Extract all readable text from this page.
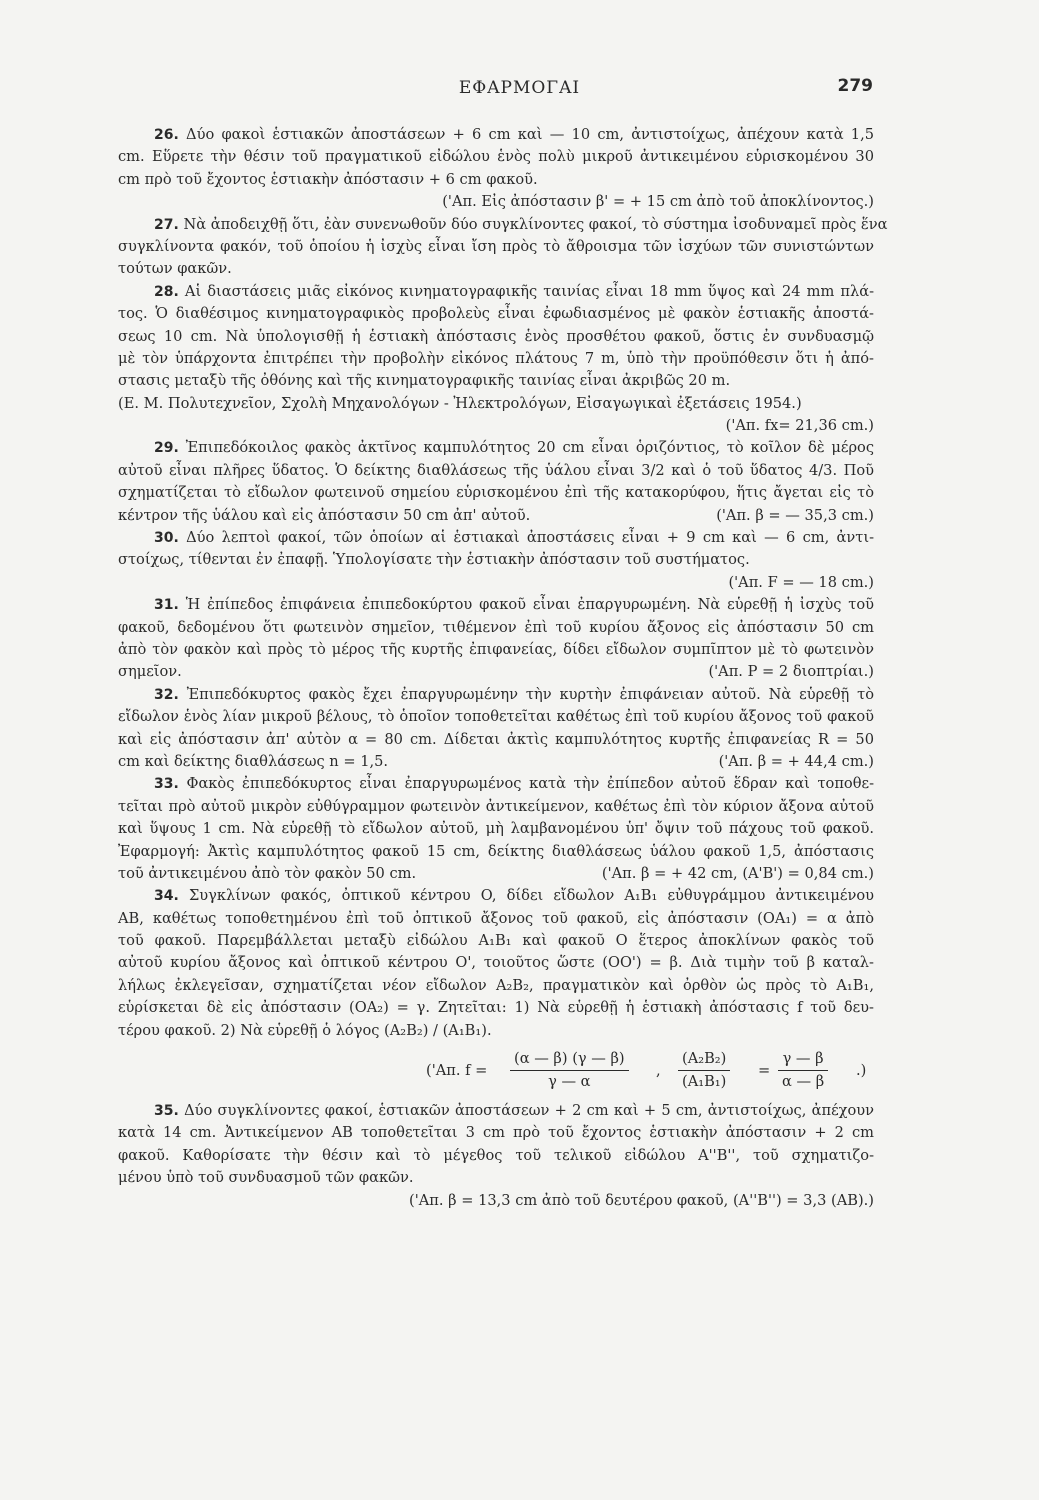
ΕΦΑΡΜΟΓΑΙ	279
26. Δύο φακοὶ ἑστιακῶν ἀποστάσεων + 6 cm καὶ — 10 cm, ἀντιστοίχως, ἀπέχουν κατὰ 1,5
cm. Εὕρετε τὴν θέσιν τοῦ πραγματικοῦ εἰδώλου ἑνὸς πολὺ μικροῦ ἀντικειμένου εὑρισκομένου 30
cm πρὸ τοῦ ἔχοντος ἑστιακὴν ἀπόστασιν + 6 cm φακοῦ.
('Απ. Εἰς ἀπόστασιν β' = + 15 cm ἀπὸ τοῦ ἀποκλίνοντος.)
27. Νὰ ἀποδειχθῇ ὅτι, ἐὰν συνενωθοῦν δύο συγκλίνοντες φακοί, τὸ σύστημα ἰσοδυναμεῖ πρὸς ἕνα
συγκλίνοντα φακόν, τοῦ ὁποίου ἡ ἰσχὺς εἶναι ἴση πρὸς τὸ ἄθροισμα τῶν ἰσχύων τῶν συνιστώντων
τούτων φακῶν.
28. Αἱ διαστάσεις μιᾶς εἰκόνος κινηματογραφικῆς ταινίας εἶναι 18 mm ὕψος καὶ 24 mm πλά-
τος. Ὁ διαθέσιμος κινηματογραφικὸς προβολεὺς εἶναι ἐφωδιασμένος μὲ φακὸν ἑστιακῆς ἀποστά-
σεως 10 cm. Νὰ ὑπολογισθῇ ἡ ἑστιακὴ ἀπόστασις ἑνὸς προσθέτου φακοῦ, ὅστις ἐν συνδυασμῷ
μὲ τὸν ὑπάρχοντα ἐπιτρέπει τὴν προβολὴν εἰκόνος πλάτους 7 m, ὑπὸ τὴν προϋπόθεσιν ὅτι ἡ ἀπό-
στασις μεταξὺ τῆς ὀθόνης καὶ τῆς κινηματογραφικῆς ταινίας εἶναι ἀκριβῶς 20 m.
(Ε. Μ. Πολυτεχνεῖον, Σχολὴ Μηχανολόγων - Ἠλεκτρολόγων, Εἰσαγωγικαὶ ἐξετάσεις 1954.)
('Απ. fx= 21,36 cm.)
29. Ἐπιπεδόκοιλος φακὸς ἀκτῖνος καμπυλότητος 20 cm εἶναι ὁριζόντιος, τὸ κοῖλον δὲ μέρος
αὐτοῦ εἶναι πλῆρες ὕδατος. Ὁ δείκτης διαθλάσεως τῆς ὑάλου εἶναι 3/2 καὶ ὁ τοῦ ὕδατος 4/3. Ποῦ
σχηματίζεται τὸ εἴδωλον φωτεινοῦ σημείου εὑρισκομένου ἐπὶ τῆς κατακορύφου, ἥτις ἄγεται εἰς τὸ
κέντρον τῆς ὑάλου καὶ εἰς ἀπόστασιν 50 cm ἀπ' αὐτοῦ.	('Απ. β = — 35,3 cm.)
30. Δύο λεπτοὶ φακοί, τῶν ὁποίων αἱ ἑστιακαὶ ἀποστάσεις εἶναι + 9 cm καὶ — 6 cm, ἀντι-
στοίχως, τίθενται ἐν ἐπαφῇ. Ὑπολογίσατε τὴν ἑστιακὴν ἀπόστασιν τοῦ συστήματος.
('Απ. F = — 18 cm.)
31. Ἡ ἐπίπεδος ἐπιφάνεια ἐπιπεδοκύρτου φακοῦ εἶναι ἐπαργυρωμένη. Νὰ εὑρεθῇ ἡ ἰσχὺς τοῦ
φακοῦ, δεδομένου ὅτι φωτεινὸν σημεῖον, τιθέμενον ἐπὶ τοῦ κυρίου ἄξονος εἰς ἀπόστασιν 50 cm
ἀπὸ τὸν φακὸν καὶ πρὸς τὸ μέρος τῆς κυρτῆς ἐπιφανείας, δίδει εἴδωλον συμπῖπτον μὲ τὸ φωτεινὸν
σημεῖον.	('Απ. P = 2 διοπτρίαι.)
32. Ἐπιπεδόκυρτος φακὸς ἔχει ἐπαργυρωμένην τὴν κυρτὴν ἐπιφάνειαν αὐτοῦ. Νὰ εὑρεθῇ τὸ
εἴδωλον ἑνὸς λίαν μικροῦ βέλους, τὸ ὁποῖον τοποθετεῖται καθέτως ἐπὶ τοῦ κυρίου ἄξονος τοῦ φακοῦ
καὶ εἰς ἀπόστασιν ἀπ' αὐτὸν α = 80 cm. Δίδεται ἀκτὶς καμπυλότητος κυρτῆς ἐπιφανείας R = 50
cm καὶ δείκτης διαθλάσεως n = 1,5.	('Απ. β = + 44,4 cm.)
33. Φακὸς ἐπιπεδόκυρτος εἶναι ἐπαργυρωμένος κατὰ τὴν ἐπίπεδον αὐτοῦ ἕδραν καὶ τοποθε-
τεῖται πρὸ αὐτοῦ μικρὸν εὐθύγραμμον φωτεινὸν ἀντικείμενον, καθέτως ἐπὶ τὸν κύριον ἄξονα αὐτοῦ
καὶ ὕψους 1 cm. Νὰ εὑρεθῇ τὸ εἴδωλον αὐτοῦ, μὴ λαμβανομένου ὑπ' ὄψιν τοῦ πάχους τοῦ φακοῦ.
Ἐφαρμογή: Ἀκτὶς καμπυλότητος φακοῦ 15 cm, δείκτης διαθλάσεως ὑάλου φακοῦ 1,5, ἀπόστασις
τοῦ ἀντικειμένου ἀπὸ τὸν φακὸν 50 cm.	('Απ. β = + 42 cm, (A'B') = 0,84 cm.)
34. Συγκλίνων φακός, ὀπτικοῦ κέντρου O, δίδει εἴδωλον A₁B₁ εὐθυγράμμου ἀντικειμένου
AB, καθέτως τοποθετημένου ἐπὶ τοῦ ὀπτικοῦ ἄξονος τοῦ φακοῦ, εἰς ἀπόστασιν (OA₁) = α ἀπὸ
τοῦ φακοῦ. Παρεμβάλλεται μεταξὺ εἰδώλου A₁B₁ καὶ φακοῦ O ἕτερος ἀποκλίνων φακὸς τοῦ
αὐτοῦ κυρίου ἄξονος καὶ ὀπτικοῦ κέντρου O', τοιοῦτος ὥστε (OO') = β. Διὰ τιμὴν τοῦ β καταλ-
λήλως ἐκλεγεῖσαν, σχηματίζεται νέον εἴδωλον A₂B₂, πραγματικὸν καὶ ὀρθὸν ὡς πρὸς τὸ A₁B₁,
εὑρίσκεται δὲ εἰς ἀπόστασιν (OA₂) = γ. Ζητεῖται: 1) Νὰ εὑρεθῇ ἡ ἑστιακὴ ἀπόστασις f τοῦ δευ-
τέρου φακοῦ. 2) Νὰ εὑρεθῇ ὁ λόγος (A₂B₂) / (A₁B₁).
('Απ. $f = \frac{(\alpha — \beta) (\gamma — \beta)}{\gamma — \alpha}$ , $\frac{\text{(A₂B₂)}}{\text{(A₁B₁)}} = \frac{\gamma — \beta}{\alpha — \beta}$ .)
35. Δύο συγκλίνοντες φακοί, ἑστιακῶν ἀποστάσεων + 2 cm καὶ + 5 cm, ἀντιστοίχως, ἀπέχουν
κατὰ 14 cm. Ἀντικείμενον AB τοποθετεῖται 3 cm πρὸ τοῦ ἔχοντος ἑστιακὴν ἀπόστασιν + 2 cm
φακοῦ. Καθορίσατε τὴν θέσιν καὶ τὸ μέγεθος τοῦ τελικοῦ εἰδώλου A''B'', τοῦ σχηματιζο-
μένου ὑπὸ τοῦ συνδυασμοῦ τῶν φακῶν.
('Απ. β = 13,3 cm ἀπὸ τοῦ δευτέρου φακοῦ, (A''B'') = 3,3 (AB).)
